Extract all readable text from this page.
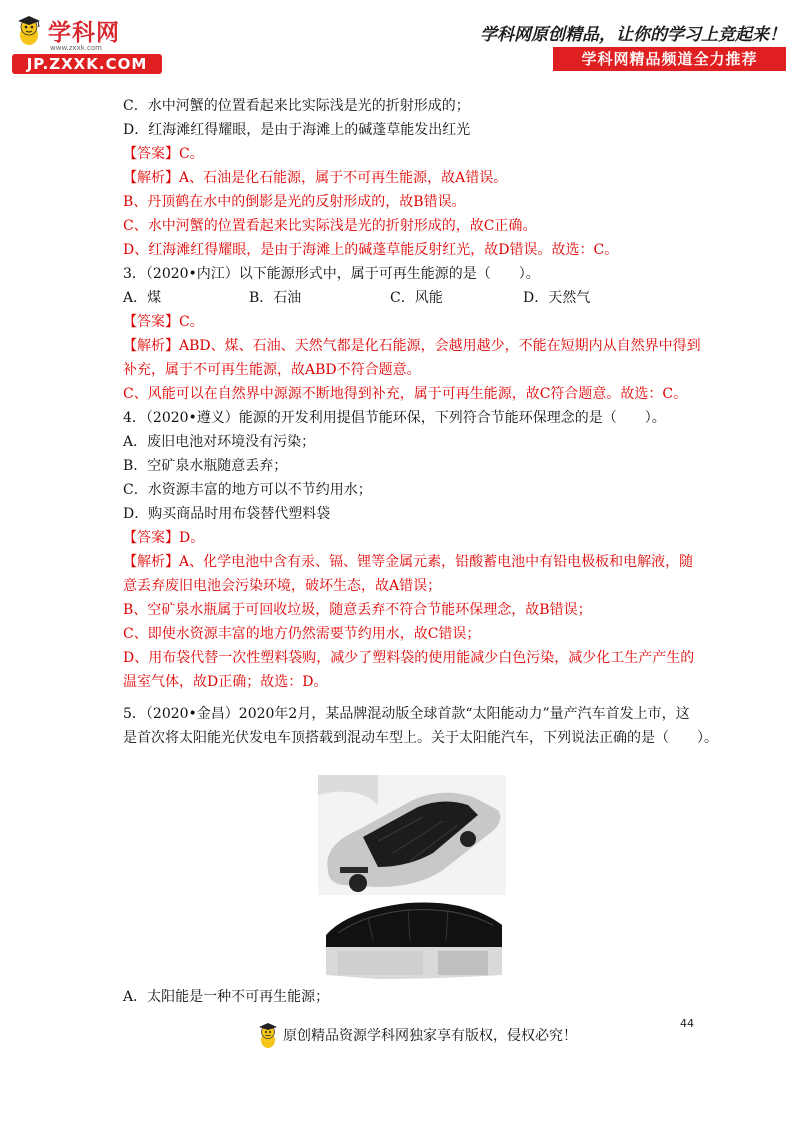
学科网
www.zxxk.com
JP.ZXXK.COM
学科网原创精品，让你的学习上竞起来！
学科网精品频道全力推荐
C．水中河蟹的位置看起来比实际浅是光的折射形成的；
D．红海滩红得耀眼，是由于海滩上的碱蓬草能发出红光
【答案】C。
【解析】A、石油是化石能源，属于不可再生能源，故A错误。
B、丹顶鹤在水中的倒影是光的反射形成的，故B错误。
C、水中河蟹的位置看起来比实际浅是光的折射形成的，故C正确。
D、红海滩红得耀眼，是由于海滩上的碱蓬草能反射红光，故D错误。故选：C。
3．（2020•内江）以下能源形式中，属于可再生能源的是（　　）。
A．煤	B．石油	C．风能	D．天然气
【答案】C。
【解析】ABD、煤、石油、天然气都是化石能源，会越用越少，不能在短期内从自然界中得到
补充，属于不可再生能源，故ABD不符合题意。
C、风能可以在自然界中源源不断地得到补充，属于可再生能源，故C符合题意。故选：C。
4．（2020•遵义）能源的开发利用提倡节能环保，下列符合节能环保理念的是（　　）。
A．废旧电池对环境没有污染；
B．空矿泉水瓶随意丢弃；
C．水资源丰富的地方可以不节约用水；
D．购买商品时用布袋替代塑料袋
【答案】D。
【解析】A、化学电池中含有汞、镉、锂等金属元素，铅酸蓄电池中有铅电极板和电解液，随
意丢弃废旧电池会污染环境，破坏生态，故A错误；
B、空矿泉水瓶属于可回收垃圾，随意丢弃不符合节能环保理念，故B错误；
C、即使水资源丰富的地方仍然需要节约用水，故C错误；
D、用布袋代替一次性塑料袋购，减少了塑料袋的使用能减少白色污染，减少化工生产产生的
温室气体，故D正确；故选：D。
5．（2020•金昌）2020年2月，某品牌混动版全球首款“太阳能动力”量产汽车首发上市，这
是首次将太阳能光伏发电车顶搭载到混动车型上。关于太阳能汽车，下列说法正确的是（　　）。
A．太阳能是一种不可再生能源；
44
原创精品资源学科网独家享有版权，侵权必究！
